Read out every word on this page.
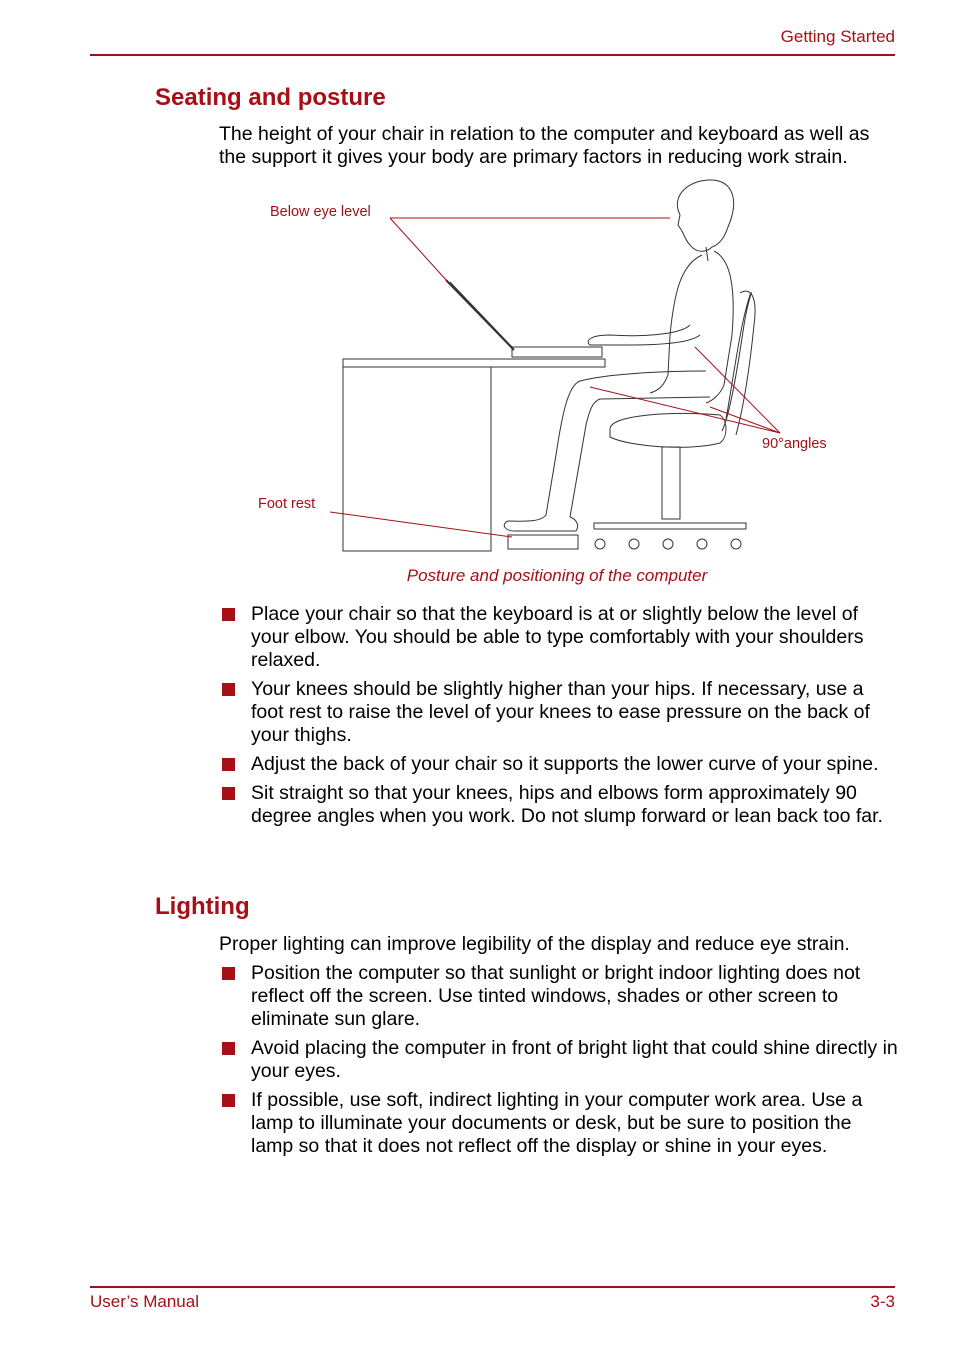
Getting Started
Seating and posture

The height of your chair in relation to the computer and keyboard as well as the support it gives your body are primary factors in reducing work strain.

Below eye level
90°angles
Foot rest
Posture and positioning of the computer
Place your chair so that the keyboard is at or slightly below the level of your elbow. You should be able to type comfortably with your shoulders relaxed.
Your knees should be slightly higher than your hips. If necessary, use a foot rest to raise the level of your knees to ease pressure on the back of your thighs.
Adjust the back of your chair so it supports the lower curve of your spine.
Sit straight so that your knees, hips and elbows form approximately 90 degree angles when you work. Do not slump forward or lean back too far.
Lighting

Proper lighting can improve legibility of the display and reduce eye strain.

Position the computer so that sunlight or bright indoor lighting does not reflect off the screen. Use tinted windows, shades or other screen to eliminate sun glare.
Avoid placing the computer in front of bright light that could shine directly in your eyes.
If possible, use soft, indirect lighting in your computer work area. Use a lamp to illuminate your documents or desk, but be sure to position the lamp so that it does not reflect off the display or shine in your eyes.
User’s Manual	3-3
